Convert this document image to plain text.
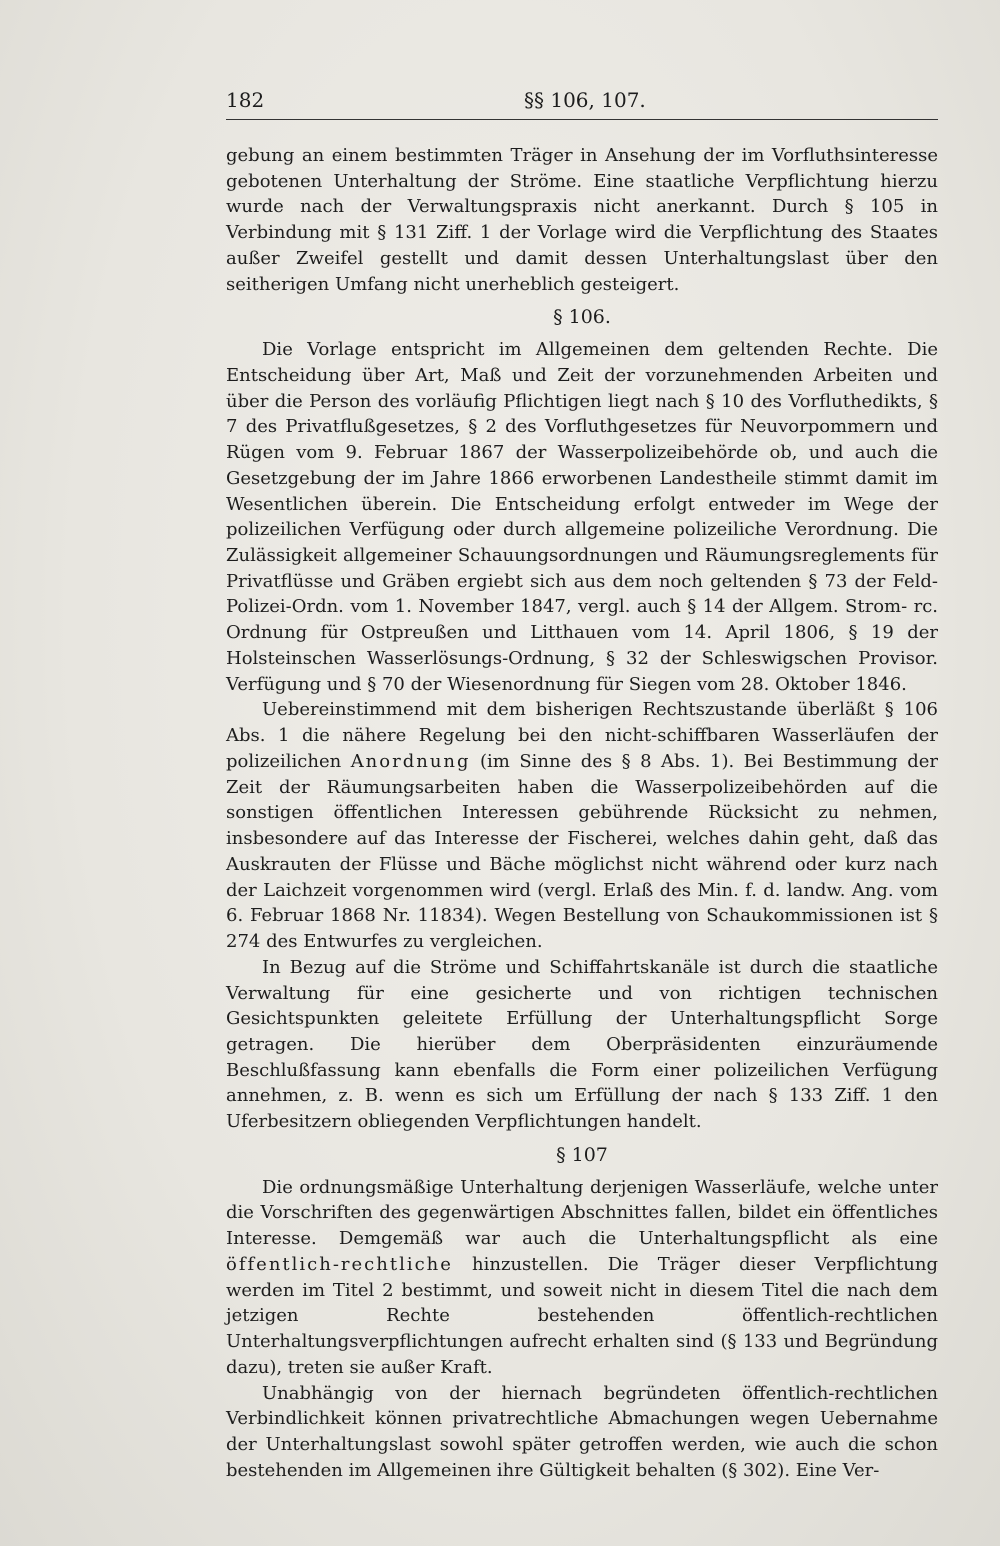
182	§§ 106, 107.

gebung an einem bestimmten Träger in Ansehung der im Vorfluthsinteresse gebotenen Unterhaltung der Ströme. Eine staatliche Verpflichtung hierzu wurde nach der Verwaltungspraxis nicht anerkannt. Durch § 105 in Verbindung mit § 131 Ziff. 1 der Vorlage wird die Verpflichtung des Staates außer Zweifel gestellt und damit dessen Unterhaltungslast über den seitherigen Umfang nicht unerheblich gesteigert.

§ 106.

Die Vorlage entspricht im Allgemeinen dem geltenden Rechte. Die Entscheidung über Art, Maß und Zeit der vorzunehmenden Arbeiten und über die Person des vorläufig Pflichtigen liegt nach § 10 des Vorfluthedikts, § 7 des Privatflußgesetzes, § 2 des Vorfluthgesetzes für Neuvorpommern und Rügen vom 9. Februar 1867 der Wasserpolizeibehörde ob, und auch die Gesetzgebung der im Jahre 1866 erworbenen Landestheile stimmt damit im Wesentlichen überein. Die Entscheidung erfolgt entweder im Wege der polizeilichen Verfügung oder durch allgemeine polizeiliche Verordnung. Die Zulässigkeit allgemeiner Schauungsordnungen und Räumungsreglements für Privatflüsse und Gräben ergiebt sich aus dem noch geltenden § 73 der Feld-Polizei-Ordn. vom 1. November 1847, vergl. auch § 14 der Allgem. Strom- rc. Ordnung für Ostpreußen und Litthauen vom 14. April 1806, § 19 der Holsteinschen Wasserlösungs-Ordnung, § 32 der Schleswigschen Provisor. Verfügung und § 70 der Wiesenordnung für Siegen vom 28. Oktober 1846.

Uebereinstimmend mit dem bisherigen Rechtszustande überläßt § 106 Abs. 1 die nähere Regelung bei den nicht-schiffbaren Wasserläufen der polizeilichen Anordnung (im Sinne des § 8 Abs. 1). Bei Bestimmung der Zeit der Räumungsarbeiten haben die Wasserpolizeibehörden auf die sonstigen öffentlichen Interessen gebührende Rücksicht zu nehmen, insbesondere auf das Interesse der Fischerei, welches dahin geht, daß das Auskrauten der Flüsse und Bäche möglichst nicht während oder kurz nach der Laichzeit vorgenommen wird (vergl. Erlaß des Min. f. d. landw. Ang. vom 6. Februar 1868 Nr. 11834). Wegen Bestellung von Schaukommissionen ist § 274 des Entwurfes zu vergleichen.

In Bezug auf die Ströme und Schiffahrtskanäle ist durch die staatliche Verwaltung für eine gesicherte und von richtigen technischen Gesichtspunkten geleitete Erfüllung der Unterhaltungspflicht Sorge getragen. Die hierüber dem Oberpräsidenten einzuräumende Beschlußfassung kann ebenfalls die Form einer polizeilichen Verfügung annehmen, z. B. wenn es sich um Erfüllung der nach § 133 Ziff. 1 den Uferbesitzern obliegenden Verpflichtungen handelt.

§ 107

Die ordnungsmäßige Unterhaltung derjenigen Wasserläufe, welche unter die Vorschriften des gegenwärtigen Abschnittes fallen, bildet ein öffentliches Interesse. Demgemäß war auch die Unterhaltungspflicht als eine öffentlich-rechtliche hinzustellen. Die Träger dieser Verpflichtung werden im Titel 2 bestimmt, und soweit nicht in diesem Titel die nach dem jetzigen Rechte bestehenden öffentlich-rechtlichen Unterhaltungsverpflichtungen aufrecht erhalten sind (§ 133 und Begründung dazu), treten sie außer Kraft.

Unabhängig von der hiernach begründeten öffentlich-rechtlichen Verbindlichkeit können privatrechtliche Abmachungen wegen Uebernahme der Unterhaltungslast sowohl später getroffen werden, wie auch die schon bestehenden im Allgemeinen ihre Gültigkeit behalten (§ 302). Eine Ver-
